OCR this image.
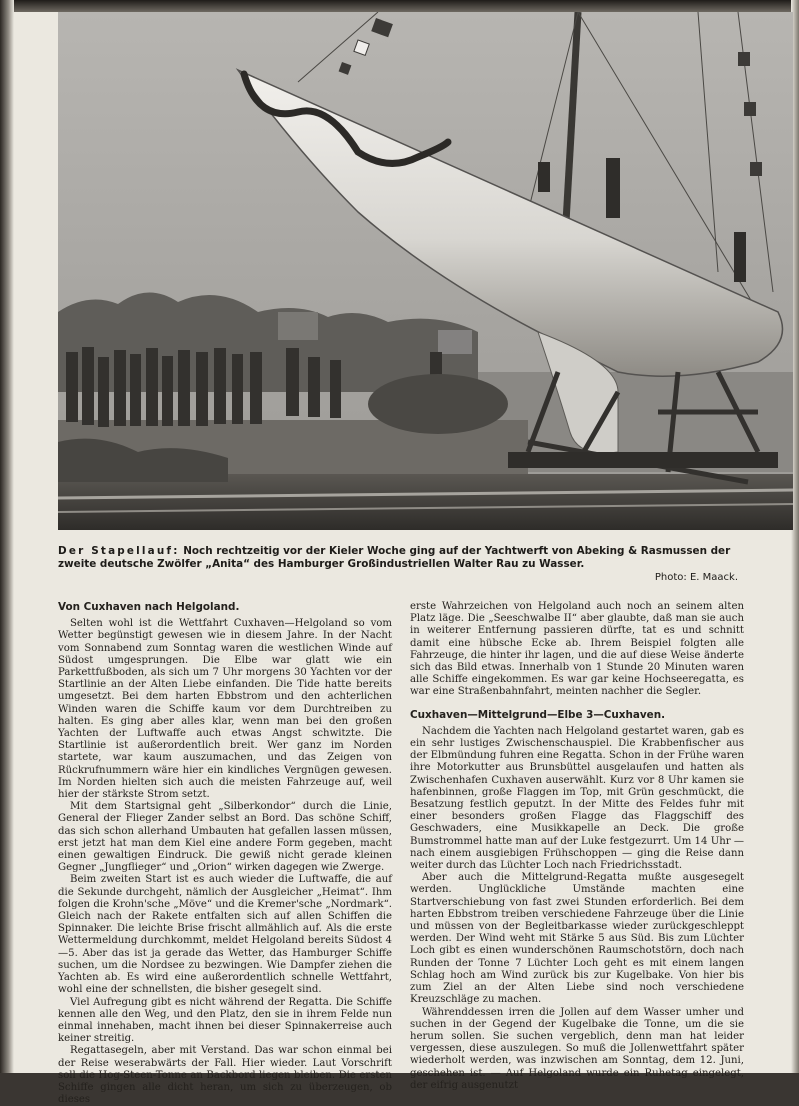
Der Stapellauf: Noch rechtzeitig vor der Kieler Woche ging auf der Yachtwerft von Abeking & Rasmussen der zweite deutsche Zwölfer „Anita“ des Hamburger Großindustriellen Walter Rau zu Wasser.

Photo: E. Maack.
Von Cuxhaven nach Helgoland.

Selten wohl ist die Wettfahrt Cuxhaven—Helgoland so vom Wetter begünstigt gewesen wie in diesem Jahre. In der Nacht vom Sonnabend zum Sonntag waren die westlichen Winde auf Südost umgesprungen. Die Elbe war glatt wie ein Parkettfußboden, als sich um 7 Uhr morgens 30 Yachten vor der Startlinie an der Alten Liebe einfanden. Die Tide hatte bereits umgesetzt. Bei dem harten Ebbstrom und den achterlichen Winden waren die Schiffe kaum vor dem Durchtreiben zu halten. Es ging aber alles klar, wenn man bei den großen Yachten der Luftwaffe auch etwas Angst schwitzte. Die Startlinie ist außerordentlich breit. Wer ganz im Norden startete, war kaum auszumachen, und das Zeigen von Rückrufnummern wäre hier ein kindliches Vergnügen gewesen. Im Norden hielten sich auch die meisten Fahrzeuge auf, weil hier der stärkste Strom setzt.

Mit dem Startsignal geht „Silberkondor“ durch die Linie, General der Flieger Zander selbst an Bord. Das schöne Schiff, das sich schon allerhand Umbauten hat gefallen lassen müssen, erst jetzt hat man dem Kiel eine andere Form gegeben, macht einen gewaltigen Eindruck. Die gewiß nicht gerade kleinen Gegner „Jungflieger“ und „Orion“ wirken dagegen wie Zwerge.

Beim zweiten Start ist es auch wieder die Luftwaffe, die auf die Sekunde durchgeht, nämlich der Ausgleicher „Heimat“. Ihm folgen die Krohn'sche „Möve“ und die Kremer'sche „Nordmark“. Gleich nach der Rakete entfalten sich auf allen Schiffen die Spinnaker. Die leichte Brise frischt allmählich auf. Als die erste Wettermeldung durchkommt, meldet Helgoland bereits Südost 4—5. Aber das ist ja gerade das Wetter, das Hamburger Schiffe suchen, um die Nordsee zu bezwingen. Wie Dampfer ziehen die Yachten ab. Es wird eine außerordentlich schnelle Wettfahrt, wohl eine der schnellsten, die bisher gesegelt sind.

Viel Aufregung gibt es nicht während der Regatta. Die Schiffe kennen alle den Weg, und den Platz, den sie in ihrem Felde nun einmal innehaben, macht ihnen bei dieser Spinnakerreise auch keiner streitig.

Regattasegeln, aber mit Verstand. Das war schon einmal bei der Reise weserabwärts der Fall. Hier wieder. Laut Vorschrift soll die Hog-Steen-Tonne an Backbord liegen bleiben. Die ersten Schiffe gingen alle dicht heran, um sich zu überzeugen, ob dieses

erste Wahrzeichen von Helgoland auch noch an seinem alten Platz läge. Die „Seeschwalbe II“ aber glaubte, daß man sie auch in weiterer Entfernung passieren dürfte, tat es und schnitt damit eine hübsche Ecke ab. Ihrem Beispiel folgten alle Fahrzeuge, die hinter ihr lagen, und die auf diese Weise änderte sich das Bild etwas. Innerhalb von 1 Stunde 20 Minuten waren alle Schiffe eingekommen. Es war gar keine Hochseeregatta, es war eine Straßenbahnfahrt, meinten nachher die Segler.

Cuxhaven—Mittelgrund—Elbe 3—Cuxhaven.

Nachdem die Yachten nach Helgoland gestartet waren, gab es ein sehr lustiges Zwischenschauspiel. Die Krabbenfischer aus der Elbmündung fuhren eine Regatta. Schon in der Frühe waren ihre Motorkutter aus Brunsbüttel ausgelaufen und hatten als Zwischenhafen Cuxhaven auserwählt. Kurz vor 8 Uhr kamen sie hafenbinnen, große Flaggen im Top, mit Grün geschmückt, die Besatzung festlich geputzt. In der Mitte des Feldes fuhr mit einer besonders großen Flagge das Flaggschiff des Geschwaders, eine Musikkapelle an Deck. Die große Bumstrommel hatte man auf der Luke festgezurrt. Um 14 Uhr — nach einem ausgiebigen Frühschoppen — ging die Reise dann weiter durch das Lüchter Loch nach Friedrichsstadt.

Aber auch die Mittelgrund-Regatta mußte ausgesegelt werden. Unglückliche Umstände machten eine Startverschiebung von fast zwei Stunden erforderlich. Bei dem harten Ebbstrom treiben verschiedene Fahrzeuge über die Linie und müssen von der Begleitbarkasse wieder zurückgeschleppt werden. Der Wind weht mit Stärke 5 aus Süd. Bis zum Lüchter Loch gibt es einen wunderschönen Raumschotstörn, doch nach Runden der Tonne 7 Lüchter Loch geht es mit einem langen Schlag hoch am Wind zurück bis zur Kugelbake. Von hier bis zum Ziel an der Alten Liebe sind noch verschiedene Kreuzschläge zu machen.

Währenddessen irren die Jollen auf dem Wasser umher und suchen in der Gegend der Kugelbake die Tonne, um die sie herum sollen. Sie suchen vergeblich, denn man hat leider vergessen, diese auszulegen. So muß die Jollenwettfahrt später wiederholt werden, was inzwischen am Sonntag, dem 12. Juni, geschehen ist. — Auf Helgoland wurde ein Ruhetag eingelegt, der eifrig ausgenutzt
